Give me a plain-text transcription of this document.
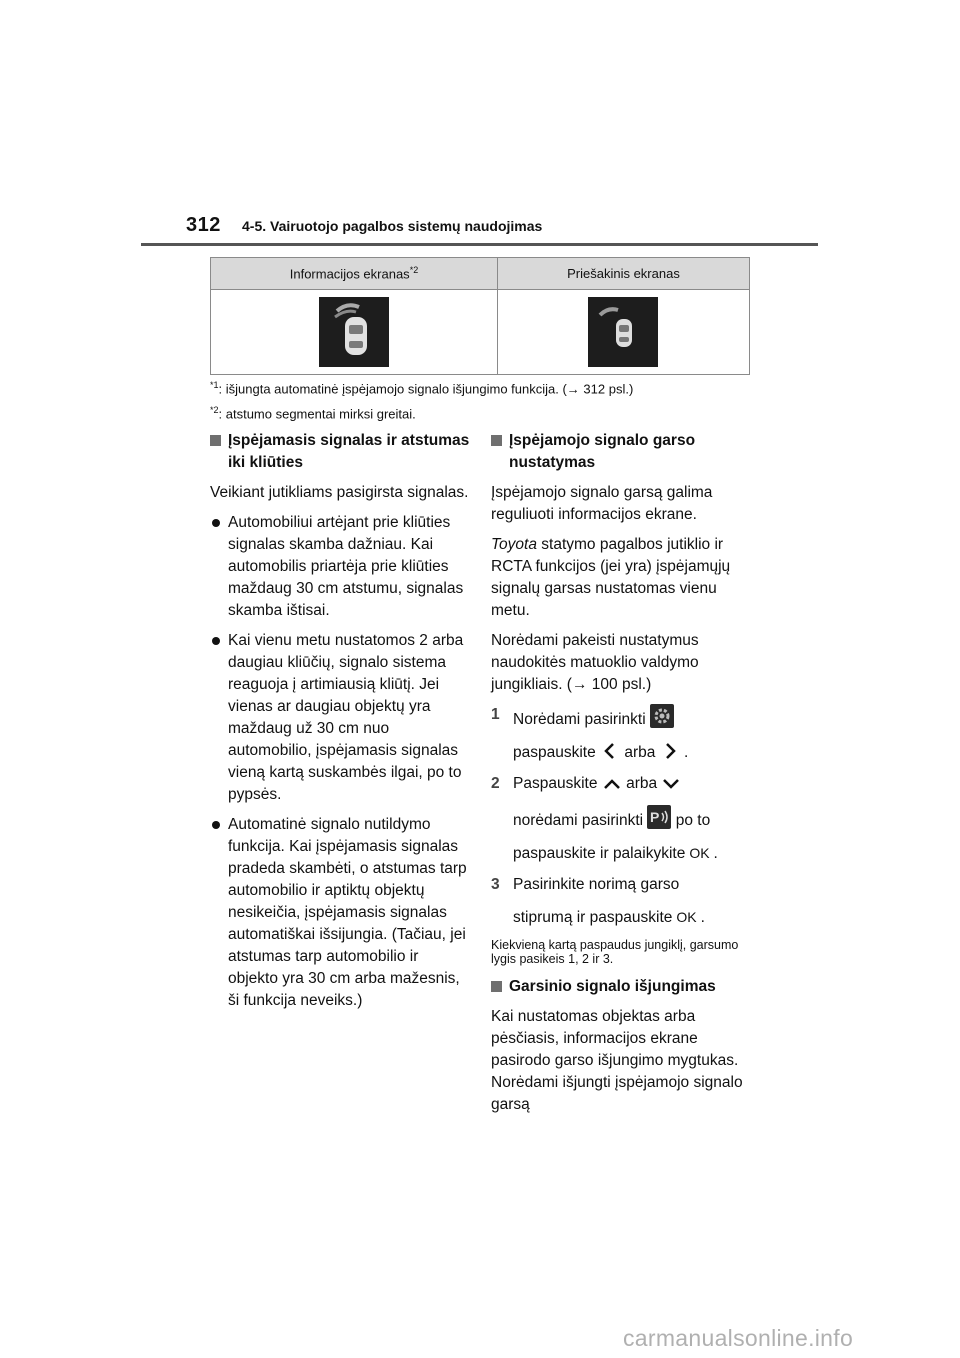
312 4-5. Vairuotojo pagalbos sistemų naudojimas
Informacijos ekranas$^{*2}$	Priešakinis ekranas

$^{*1}$: išjungta automatinė įspėjamojo signalo išjungimo funkcija. (→ 312 psl.)
$^{*2}$: atstumo segmentai mirksi greitai.
Įspėjamasis signalas ir atstumas iki kliūties
Veikiant jutikliams pasigirsta signalas.
Automobiliui artėjant prie kliūties signalas skamba dažniau. Kai automobilis priartėja prie kliūties maždaug 30 cm atstumu, signalas skamba ištisai.
Kai vienu metu nustatomos 2 arba daugiau kliūčių, signalo sistema reaguoja į artimiausią kliūtį. Jei vienas ar daugiau objektų yra maždaug už 30 cm nuo automobilio, įspėjamasis signalas vieną kartą suskambės ilgai, po to pypsės.
Automatinė signalo nutildymo funkcija. Kai įspėjamasis signalas pradeda skambėti, o atstumas tarp automobilio ir aptiktų objektų nesikeičia, įspėjamasis signalas automatiškai išsijungia. (Tačiau, jei atstumas tarp automobilio ir objekto yra 30 cm arba mažesnis, ši funkcija neveiks.)
Įspėjamojo signalo garso nustatymas
Įspėjamojo signalo garsą galima reguliuoti informacijos ekrane.
Toyota statymo pagalbos jutiklio ir RCTA funkcijos (jei yra) įspėjamųjų signalų garsas nustatomas vienu metu.
Norėdami pakeisti nustatymus naudokitės matuoklio valdymo jungikliais. (→ 100 psl.)
1 Norėdami pasirinkti
paspauskite arba .
2 Paspauskite arba
norėdami pasirinkti P po to
paspauskite ir palaikykite OK .
3 Pasirinkite norimą garso
stiprumą ir paspauskite OK .
Kiekvieną kartą paspaudus jungiklį, garsumo lygis pasikeis 1, 2 ir 3.
Garsinio signalo išjungimas
Kai nustatomas objektas arba pėsčiasis, informacijos ekrane pasirodo garso išjungimo mygtukas. Norėdami išjungti įspėjamojo signalo garsą
carmanualsonline.info
